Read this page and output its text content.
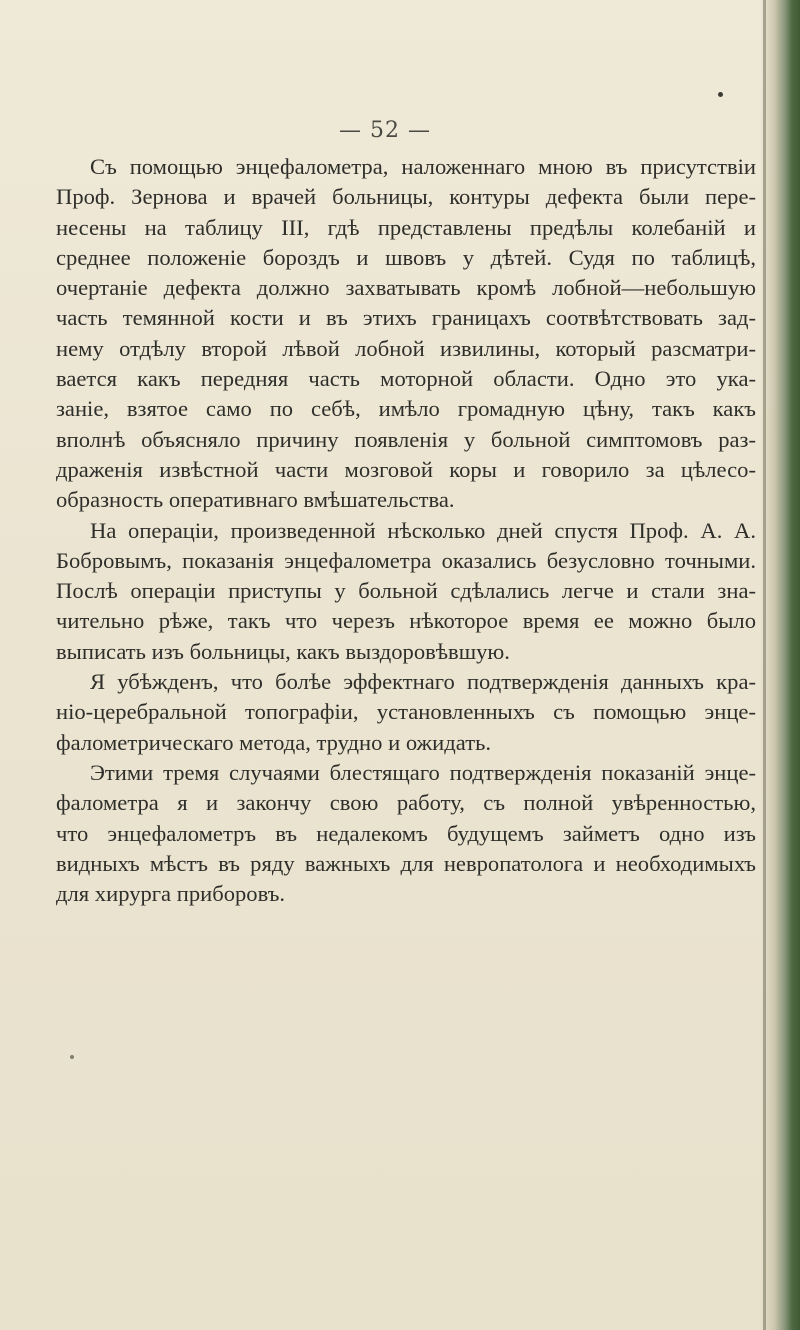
— 52 —
Съ помощью энцефалометра, наложеннаго мною въ присутствіи
Проф. Зернова и врачей больницы, контуры дефекта были пере-
несены на таблицу III, гдѣ представлены предѣлы колебаній и
среднее положеніе бороздъ и швовъ у дѣтей. Судя по таблицѣ,
очертаніе дефекта должно захватывать кромѣ лобной—небольшую
часть темянной кости и въ этихъ границахъ соотвѣтствовать зад-
нему отдѣлу второй лѣвой лобной извилины, который разсматри-
вается какъ передняя часть моторной области. Одно это ука-
заніе, взятое само по себѣ, имѣло громадную цѣну, такъ какъ
вполнѣ объясняло причину появленія у больной симптомовъ раз-
драженія извѣстной части мозговой коры и говорило за цѣлесо-
образность оперативнаго вмѣшательства.
На операціи, произведенной нѣсколько дней спустя Проф. А. А.
Бобровымъ, показанія энцефалометра оказались безусловно точными.
Послѣ операціи приступы у больной сдѣлались легче и стали зна-
чительно рѣже, такъ что черезъ нѣкоторое время ее можно было
выписать изъ больницы, какъ выздоровѣвшую.
Я убѣжденъ, что болѣе эффектнаго подтвержденія данныхъ кра-
ніо-церебральной топографіи, установленныхъ съ помощью энце-
фалометрическаго метода, трудно и ожидать.
Этими тремя случаями блестящаго подтвержденія показаній энце-
фалометра я и закончу свою работу, съ полной увѣренностью,
что энцефалометръ въ недалекомъ будущемъ займетъ одно изъ
видныхъ мѣстъ въ ряду важныхъ для невропатолога и необходимыхъ
для хирурга приборовъ.
